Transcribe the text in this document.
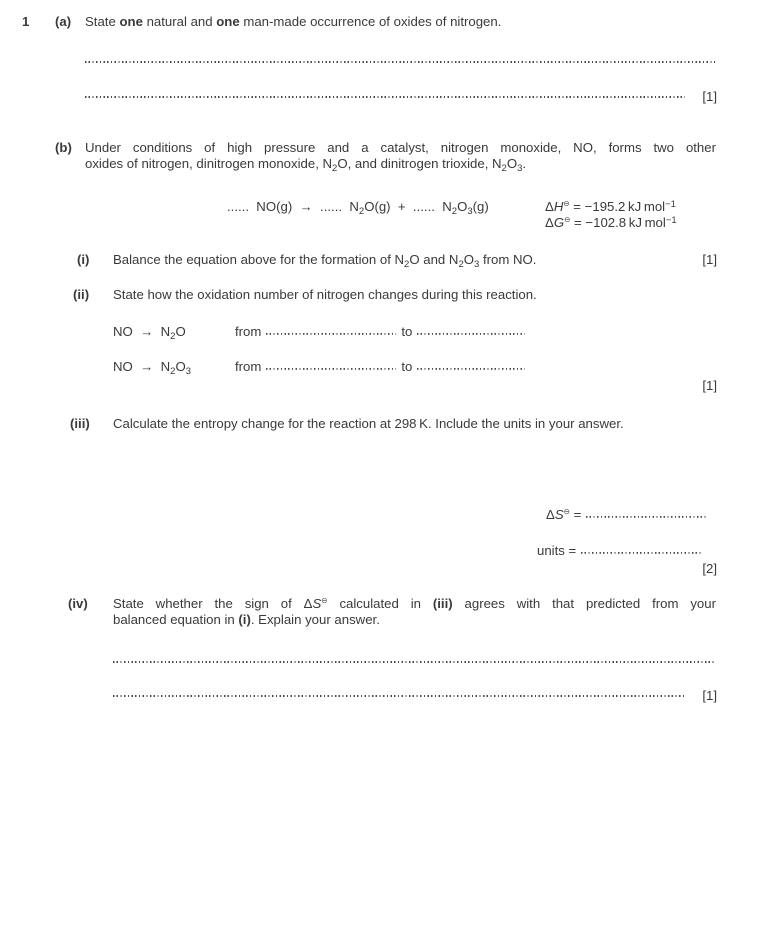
1 (a) State one natural and one man-made occurrence of oxides of nitrogen.
[1]
(b) Under conditions of high pressure and a catalyst, nitrogen monoxide, NO, forms two other
oxides of nitrogen, dinitrogen monoxide, $N_2O$, and dinitrogen trioxide, $N_2O_3$.
......  NO(g)  →  ......  $N_2O(g)$  +  ......  $N_2O_3(g)$	ΔH⊖ = −195.2 kJ mol$^{-1}$
ΔG⊖ = −102.8 kJ mol$^{-1}$
(i) Balance the equation above for the formation of $N_2O$ and $N_2O_3$ from NO.	[1]
(ii) State how the oxidation number of nitrogen changes during this reaction.
NO  →  $N_2O$	from	to
NO  →  $N_2O_3$	from	to
[1]
(iii) Calculate the entropy change for the reaction at 298 K. Include the units in your answer.
ΔS⊖ =
units =
[2]
(iv) State whether the sign of ΔS⊖ calculated in (iii) agrees with that predicted from your
balanced equation in (i). Explain your answer.
[1]
